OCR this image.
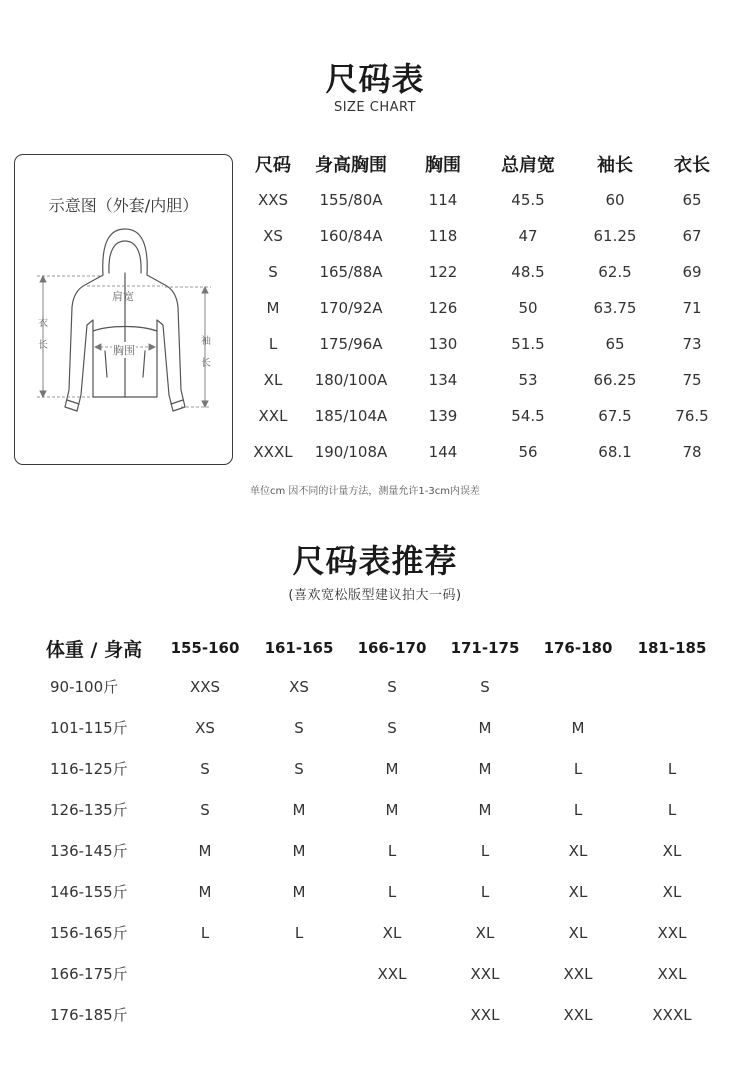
尺码表
SIZE CHART
示意图（外套/内胆）
肩宽
胸围
衣长	袖长
尺码	身高胸围	胸围	总肩宽	袖长	衣长
XXS	155/80A	114	45.5	60	65
XS	160/84A	118	47	61.25	67
S	165/88A	122	48.5	62.5	69
M	170/92A	126	50	63.75	71
L	175/96A	130	51.5	65	73
XL	180/100A	134	53	66.25	75
XXL	185/104A	139	54.5	67.5	76.5
XXXL	190/108A	144	56	68.1	78
单位cm 因不同的计量方法，测量允许1-3cm内误差
尺码表推荐
(喜欢宽松版型建议拍大一码)
体重 / 身高	155-160	161-165	166-170	171-175	176-180	181-185
90-100斤	XXS	XS	S	S		
101-115斤	XS	S	S	M	M	
116-125斤	S	S	M	M	L	L
126-135斤	S	M	M	M	L	L
136-145斤	M	M	L	L	XL	XL
146-155斤	M	M	L	L	XL	XL
156-165斤	L	L	XL	XL	XL	XXL
166-175斤			XXL	XXL	XXL	XXL
176-185斤				XXL	XXL	XXXL
